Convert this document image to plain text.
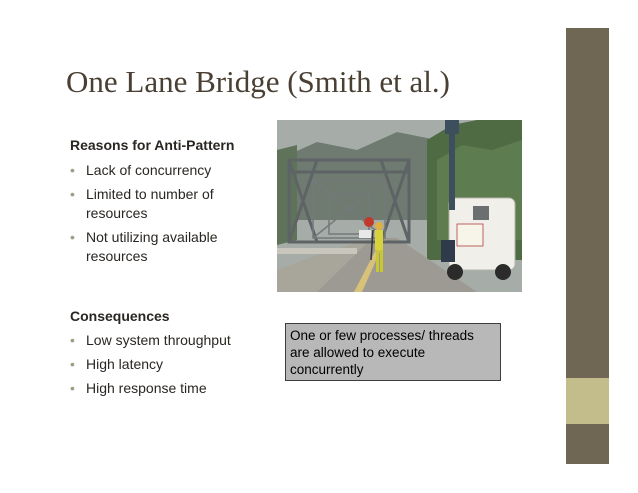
One Lane Bridge (Smith et al.)
Reasons for Anti-Pattern
• Lack of concurrency
• Limited to number of resources
• Not utilizing available resources
Consequences
• Low system throughput
• High latency
• High response time
One or few processes/ threads are allowed to execute concurrently
